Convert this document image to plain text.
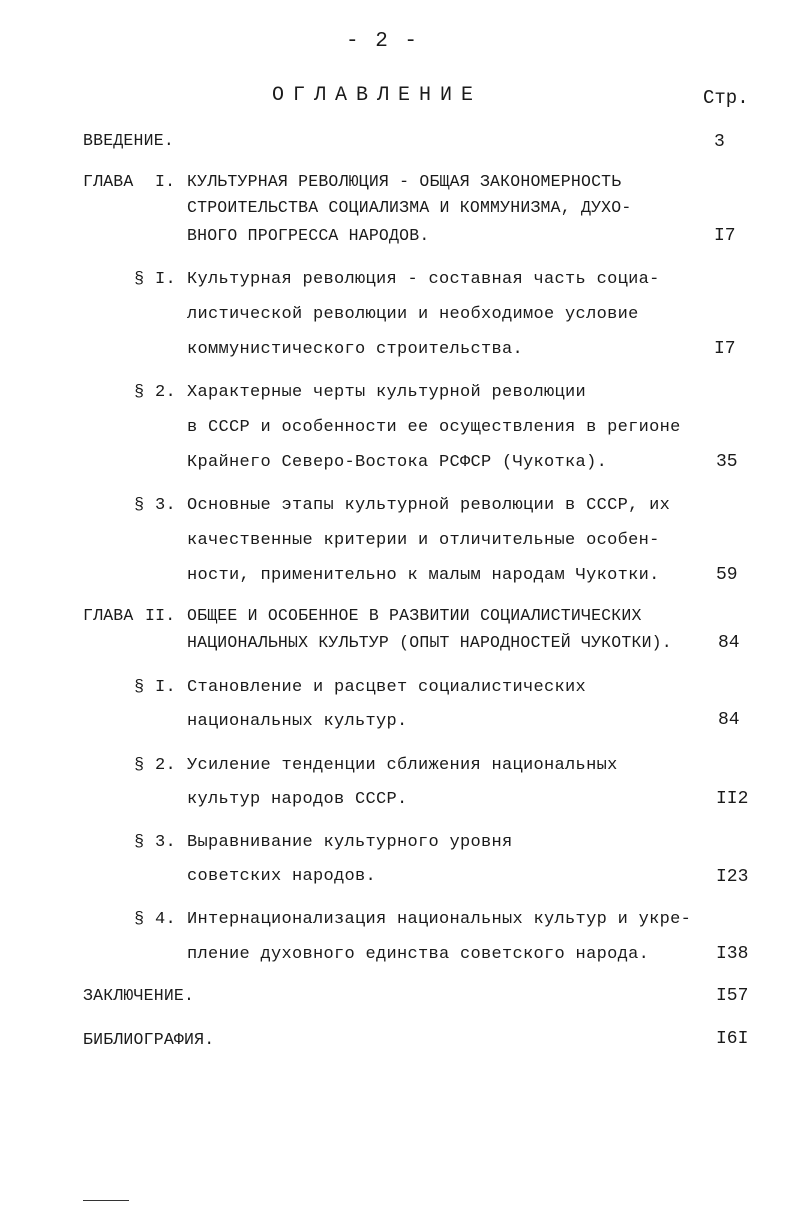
- 2 -
ОГЛАВЛЕНИЕ	Стр.
ВВЕДЕНИЕ.	3
ГЛАВА I. КУЛЬТУРНАЯ РЕВОЛЮЦИЯ - ОБЩАЯ ЗАКОНОМЕРНОСТЬ
СТРОИТЕЛЬСТВА СОЦИАЛИЗМА И КОММУНИЗМА, ДУХО-
ВНОГО ПРОГРЕССА НАРОДОВ.	I7
§ I. Культурная революция - составная часть социа-
листической революции и необходимое условие
коммунистического строительства.	I7
§ 2. Характерные черты культурной революции
в СССР и особенности ее осуществления в регионе
Крайнего Северо-Востока РСФСР (Чукотка).	35
§ 3. Основные этапы культурной революции в СССР, их
качественные критерии и отличительные особен-
ности, применительно к малым народам Чукотки.	59
ГЛАВА II. ОБЩЕЕ И ОСОБЕННОЕ В РАЗВИТИИ СОЦИАЛИСТИЧЕСКИХ
НАЦИОНАЛЬНЫХ КУЛЬТУР (ОПЫТ НАРОДНОСТЕЙ ЧУКОТКИ).	84
§ I. Становление и расцвет социалистических
национальных культур.	84
§ 2. Усиление тенденции сближения национальных
культур народов СССР.	II2
§ 3. Выравнивание культурного уровня
советских народов.	I23
§ 4. Интернационализация национальных культур и укре-
пление духовного единства советского народа.	I38
ЗАКЛЮЧЕНИЕ.	I57
БИБЛИОГРАФИЯ.	I6I
